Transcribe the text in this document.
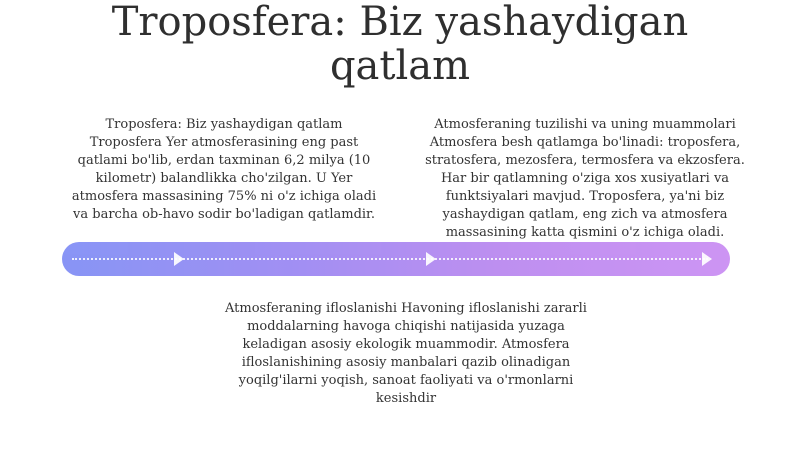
Troposfera: Biz yashaydigan qatlam
Troposfera: Biz yashaydigan qatlam Troposfera Yer atmosferasining eng past qatlami bo'lib, erdan taxminan 6,2 milya (10 kilometr) balandlikka cho'zilgan. U Yer atmosfera massasining 75% ni o'z ichiga oladi va barcha ob-havo sodir bo'ladigan qatlamdir.
Atmosferaning tuzilishi va uning muammolari Atmosfera besh qatlamga bo'linadi: troposfera, stratosfera, mezosfera, termosfera va ekzosfera. Har bir qatlamning o'ziga xos xusiyatlari va funktsiyalari mavjud. Troposfera, ya'ni biz yashaydigan qatlam, eng zich va atmosfera massasining katta qismini o'z ichiga oladi.
Atmosferaning ifloslanishi Havoning ifloslanishi zararli moddalarning havoga chiqishi natijasida yuzaga keladigan asosiy ekologik muammodir. Atmosfera ifloslanishining asosiy manbalari qazib olinadigan yoqilg'ilarni yoqish, sanoat faoliyati va o'rmonlarni kesishdir
